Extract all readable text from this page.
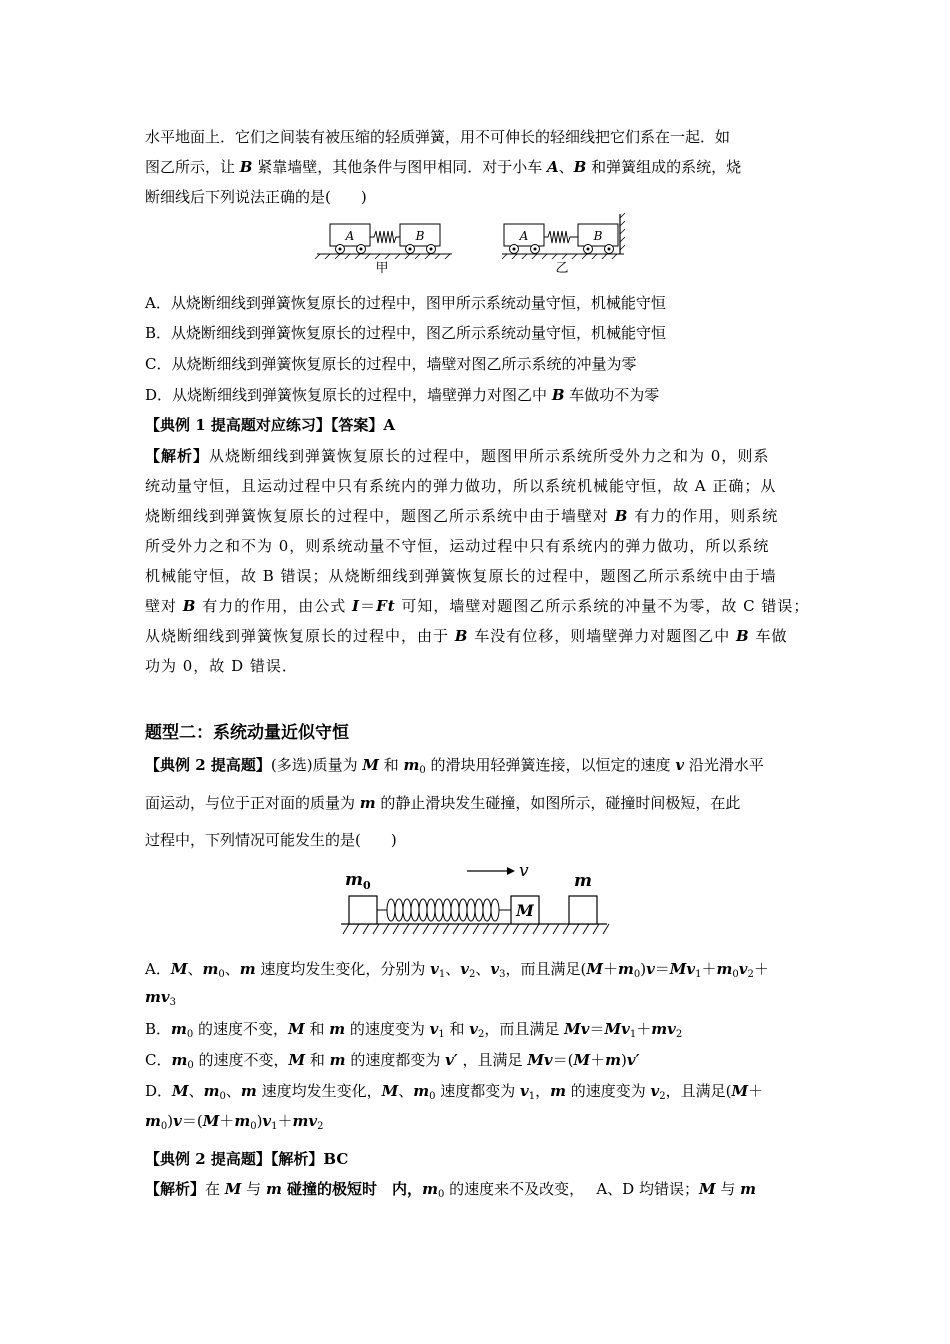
水平地面上．它们之间装有被压缩的轻质弹簧，用不可伸长的轻细线把它们系在一起．如
图乙所示，让 B 紧靠墙壁，其他条件与图甲相同．对于小车 A、B 和弹簧组成的系统，烧
断细线后下列说法正确的是(　　)
A	B
甲
A	B
乙
A．从烧断细线到弹簧恢复原长的过程中，图甲所示系统动量守恒，机械能守恒
B．从烧断细线到弹簧恢复原长的过程中，图乙所示系统动量守恒，机械能守恒
C．从烧断细线到弹簧恢复原长的过程中，墙壁对图乙所示系统的冲量为零
D．从烧断细线到弹簧恢复原长的过程中，墙壁弹力对图乙中 B 车做功不为零
【典例 1 提高题对应练习】【答案】A
【解析】从烧断细线到弹簧恢复原长的过程中，题图甲所示系统所受外力之和为 0，则系
统动量守恒，且运动过程中只有系统内的弹力做功，所以系统机械能守恒，故 A 正确；从
烧断细线到弹簧恢复原长的过程中，题图乙所示系统中由于墙壁对 B 有力的作用，则系统
所受外力之和不为 0，则系统动量不守恒，运动过程中只有系统内的弹力做功，所以系统
机械能守恒，故 B 错误；从烧断细线到弹簧恢复原长的过程中，题图乙所示系统中由于墙
壁对 B 有力的作用，由公式 I＝Ft 可知，墙壁对题图乙所示系统的冲量不为零，故 C 错误；
从烧断细线到弹簧恢复原长的过程中，由于 B 车没有位移，则墙壁弹力对题图乙中 B 车做
功为 0，故 D 错误．
题型二：系统动量近似守恒
【典例 2 提高题】(多选)质量为 M 和 $m_0$ 的滑块用轻弹簧连接，以恒定的速度 v 沿光滑水平
面运动，与位于正对面的质量为 m 的静止滑块发生碰撞，如图所示，碰撞时间极短，在此
过程中，下列情况可能发生的是(　　)
$m_0$
M
v	m
A．M、$m_0$、m 速度均发生变化，分别为 $v_1$、$v_2$、$v_3$，而且满足$(M+m_0)v=Mv_1+m_0v_2+$
$mv_3$
B．$m_0$ 的速度不变，M 和 m 的速度变为 $v_1$ 和 $v_2$，而且满足 $Mv=Mv_1+mv_2$
C．$m_0$ 的速度不变，M 和 m 的速度都变为 v′ ，且满足 Mv＝(M＋m)v′
D．M、$m_0$、m 速度均发生变化，M、$m_0$ 速度都变为 $v_1$，m 的速度变为 $v_2$，且满足(M＋
$m_0)v=(M+m_0)v_1+mv_2$
【典例 2 提高题】【解析】BC
【解析】在 M 与 m 碰撞的极短时　内，$m_0$ 的速度来不及改变，　 A、D 均错误；M 与 m
